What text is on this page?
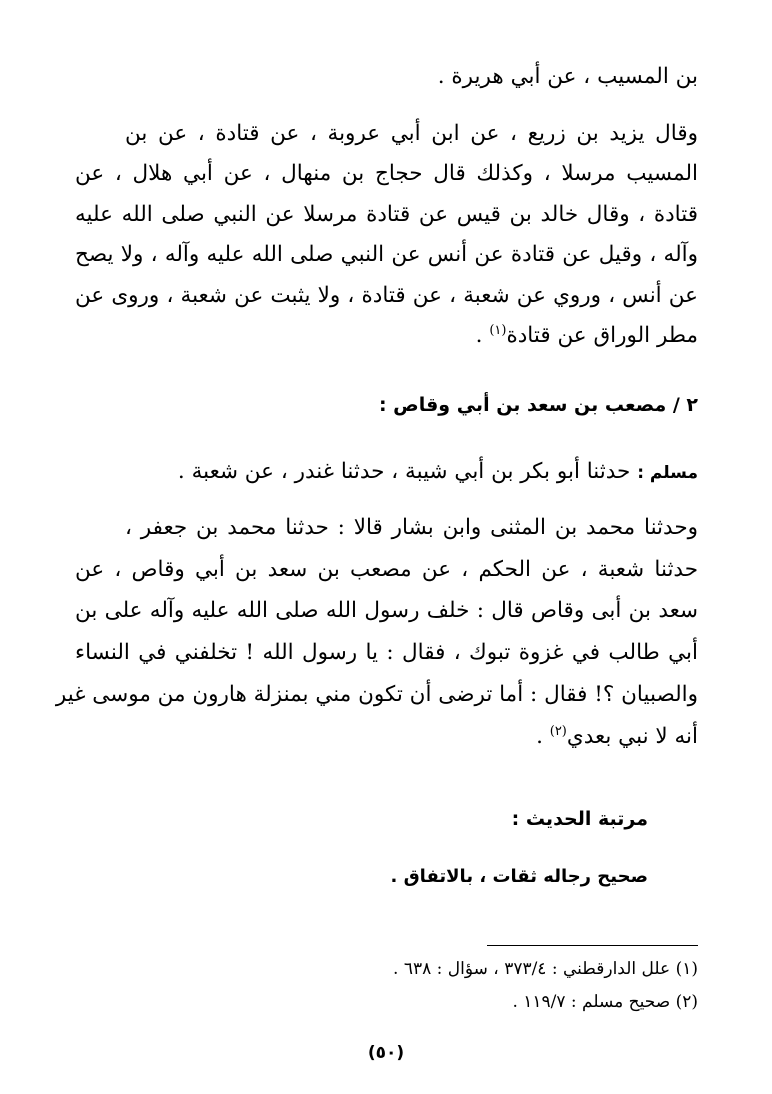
بن المسيب ، عن أبي هريرة .
وقال يزيد بن زريع ، عن ابن أبي عروبة ، عن قتادة ، عن بن
المسيب مرسلا ، وكذلك قال حجاج بن منهال ، عن أبي هلال ، عن
قتادة ، وقال خالد بن قيس عن قتادة مرسلا عن النبي صلى الله عليه
وآله ، وقيل عن قتادة عن أنس عن النبي صلى الله عليه وآله ، ولا يصح
عن أنس ، وروي عن شعبة ، عن قتادة ، ولا يثبت عن شعبة ، وروى عن
مطر الوراق عن قتادة$^{(١)}$ .
٢ / مصعب بن سعد بن أبي وقاص :
مسلم : حدثنا أبو بكر بن أبي شيبة ، حدثنا غندر ، عن شعبة .
وحدثنا محمد بن المثنى وابن بشار قالا : حدثنا محمد بن جعفر ،
حدثنا شعبة ، عن الحكم ، عن مصعب بن سعد بن أبي وقاص ، عن
سعد بن أبى وقاص قال : خلف رسول الله صلى الله عليه وآله على بن
أبي طالب في غزوة تبوك ، فقال : يا رسول الله ! تخلفني في النساء
والصبيان ؟! فقال : أما ترضى أن تكون مني بمنزلة هارون من موسى غير
أنه لا نبي بعدي$^{(٢)}$ .
مرتبة الحديث :
صحيح رجاله ثقات ، بالاتفاق .
(١) علل الدارقطني : ٣٧٣/٤ ، سؤال : ٦٣٨ .
(٢) صحيح مسلم : ١١٩/٧ .
(٥٠)
